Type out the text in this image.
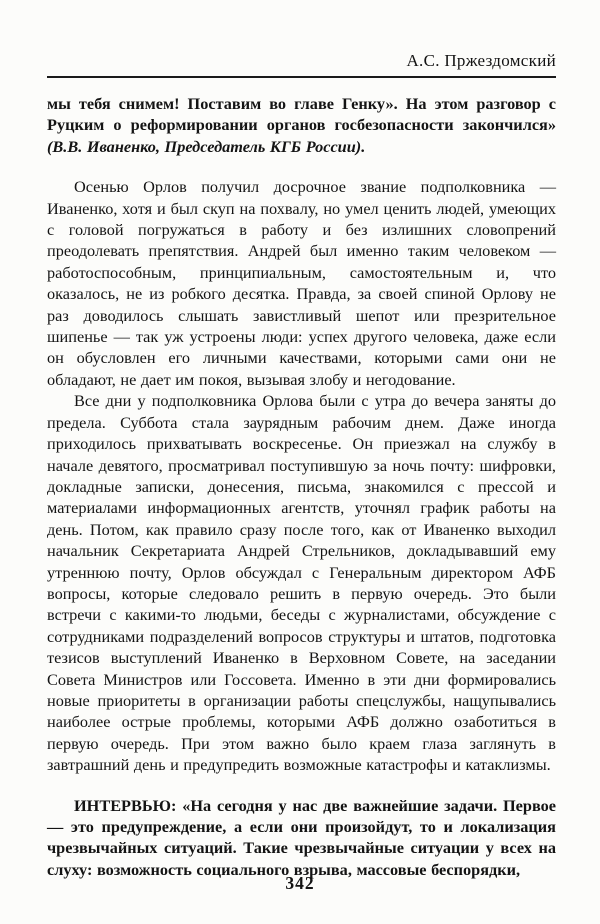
А.С. Пржездомский

мы тебя снимем! Поставим во главе Генку». На этом разговор с Руцким о реформировании органов госбезопасности закончился» (В.В. Иваненко, Председатель КГБ России).

Осенью Орлов получил досрочное звание подполковника — Иваненко, хотя и был скуп на похвалу, но умел ценить людей, умеющих с головой погружаться в работу и без излишних словопрений преодолевать препятствия. Андрей был именно таким человеком — работоспособным, принципиальным, самостоятельным и, что оказалось, не из робкого десятка. Правда, за своей спиной Орлову не раз доводилось слышать завистливый шепот или презрительное шипенье — так уж устроены люди: успех другого человека, даже если он обусловлен его личными качествами, которыми сами они не обладают, не дает им покоя, вызывая злобу и негодование.

Все дни у подполковника Орлова были с утра до вечера заняты до предела. Суббота стала заурядным рабочим днем. Даже иногда приходилось прихватывать воскресенье. Он приезжал на службу в начале девятого, просматривал поступившую за ночь почту: шифровки, докладные записки, донесения, письма, знакомился с прессой и материалами информационных агентств, уточнял график работы на день. Потом, как правило сразу после того, как от Иваненко выходил начальник Секретариата Андрей Стрельников, докладывавший ему утреннюю почту, Орлов обсуждал с Генеральным директором АФБ вопросы, которые следовало решить в первую очередь. Это были встречи с какими-то людьми, беседы с журналистами, обсуждение с сотрудниками подразделений вопросов структуры и штатов, подготовка тезисов выступлений Иваненко в Верховном Совете, на заседании Совета Министров или Госсовета. Именно в эти дни формировались новые приоритеты в организации работы спецслужбы, нащупывались наиболее острые проблемы, которыми АФБ должно озаботиться в первую очередь. При этом важно было краем глаза заглянуть в завтрашний день и предупредить возможные катастрофы и катаклизмы.

ИНТЕРВЬЮ: «На сегодня у нас две важнейшие задачи. Первое — это предупреждение, а если они произойдут, то и локализация чрезвычайных ситуаций. Такие чрезвычайные ситуации у всех на слуху: возможность социального взрыва, массовые беспорядки,

342
